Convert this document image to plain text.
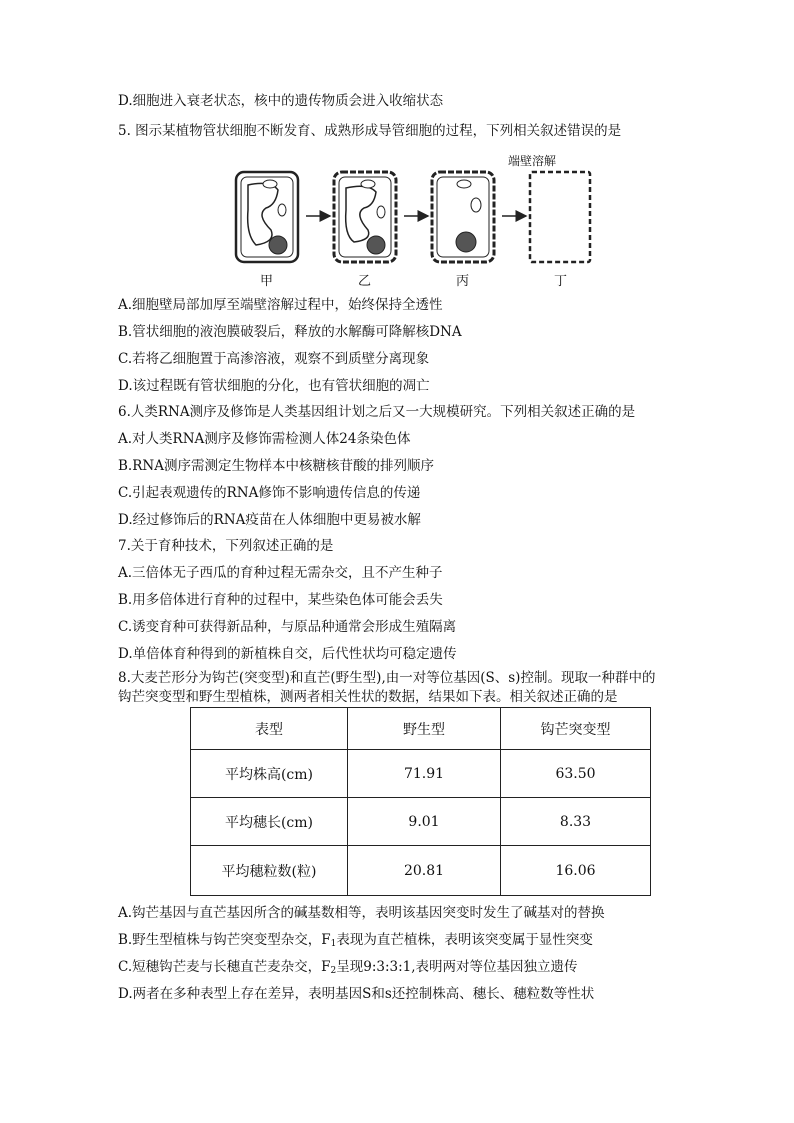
D.细胞进入衰老状态，核中的遗传物质会进入收缩状态
5. 图示某植物管状细胞不断发育、成熟形成导管细胞的过程，下列相关叙述错误的是
端壁溶解
甲	乙	丙	丁
A.细胞壁局部加厚至端壁溶解过程中，始终保持全透性
B.管状细胞的液泡膜破裂后，释放的水解酶可降解核DNA
C.若将乙细胞置于高渗溶液，观察不到质壁分离现象
D.该过程既有管状细胞的分化，也有管状细胞的凋亡
6.人类RNA测序及修饰是人类基因组计划之后又一大规模研究。下列相关叙述正确的是
A.对人类RNA测序及修饰需检测人体24条染色体
B.RNA测序需测定生物样本中核糖核苷酸的排列顺序
C.引起表观遗传的RNA修饰不影响遗传信息的传递
D.经过修饰后的RNA疫苗在人体细胞中更易被水解
7.关于育种技术，下列叙述正确的是
A.三倍体无子西瓜的育种过程无需杂交，且不产生种子
B.用多倍体进行育种的过程中，某些染色体可能会丢失
C.诱变育种可获得新品种，与原品种通常会形成生殖隔离
D.单倍体育种得到的新植株自交，后代性状均可稳定遗传
8.大麦芒形分为钩芒(突变型)和直芒(野生型),由一对等位基因(S、s)控制。现取一种群中的
钩芒突变型和野生型植株，测两者相关性状的数据，结果如下表。相关叙述正确的是
表型	野生型	钩芒突变型
平均株高(cm)	71.91	63.50
平均穗长(cm)	9.01	8.33
平均穗粒数(粒)	20.81	16.06
A.钩芒基因与直芒基因所含的碱基数相等，表明该基因突变时发生了碱基对的替换
B.野生型植株与钩芒突变型杂交，$F_1$表现为直芒植株，表明该突变属于显性突变
C.短穗钩芒麦与长穗直芒麦杂交，$F_2$呈现9:3:3:1,表明两对等位基因独立遗传
D.两者在多种表型上存在差异，表明基因S和s还控制株高、穗长、穗粒数等性状
